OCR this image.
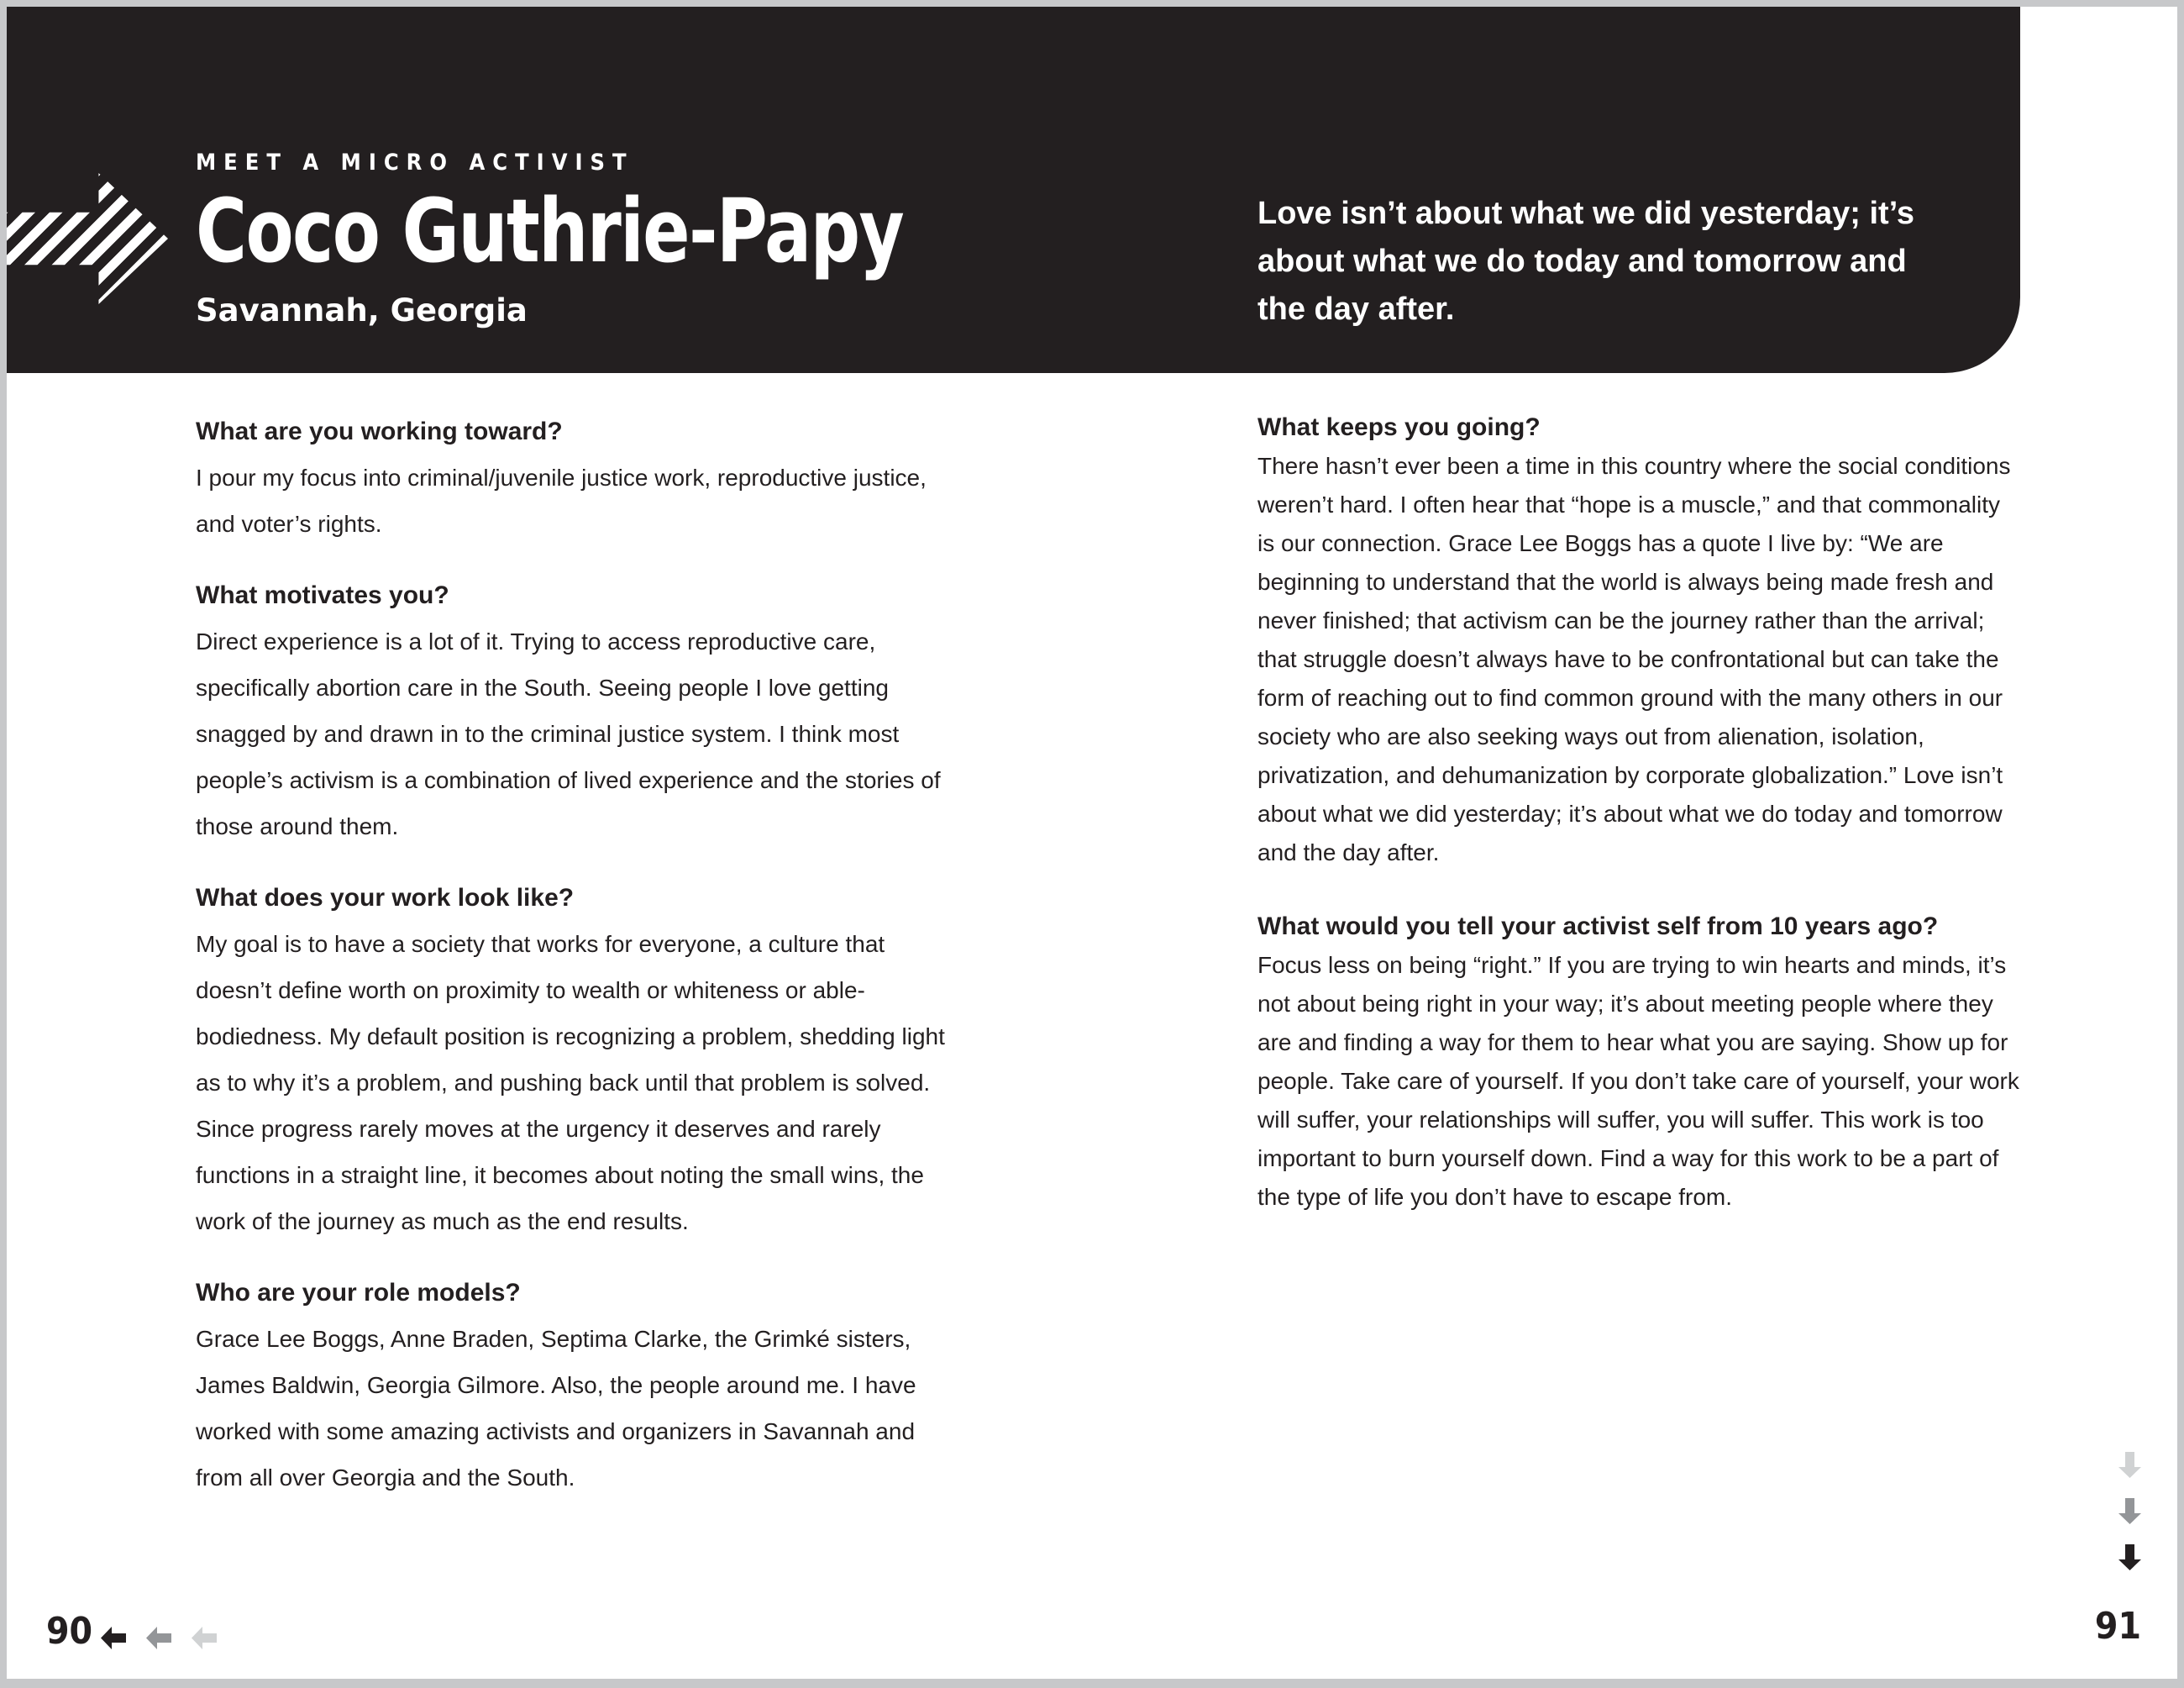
MEET A MICRO ACTIVIST
Coco Guthrie-Papy
Savannah, Georgia
Love isn’t about what we did yesterday; it’s about what we do today and tomorrow and the day after.
What are you working toward?

I pour my focus into criminal/juvenile justice work, reproductive justice, and voter’s rights.

What motivates you?

Direct experience is a lot of it. Trying to access reproductive care, specifically abortion care in the South. Seeing people I love getting snagged by and drawn in to the criminal justice system. I think most people’s activism is a combination of lived experience and the stories of those around them.

What does your work look like?

My goal is to have a society that works for everyone, a culture that doesn’t define worth on proximity to wealth or whiteness or able-bodiedness. My default position is recognizing a problem, shedding light as to why it’s a problem, and pushing back until that problem is solved. Since progress rarely moves at the urgency it deserves and rarely functions in a straight line, it becomes about noting the small wins, the work of the journey as much as the end results.

Who are your role models?

Grace Lee Boggs, Anne Braden, Septima Clarke, the Grimké sisters, James Baldwin, Georgia Gilmore. Also, the people around me. I have worked with some amazing activists and organizers in Savannah and from all over Georgia and the South.

What keeps you going?

There hasn’t ever been a time in this country where the social conditions weren’t hard. I often hear that “hope is a muscle,” and that commonality is our connection. Grace Lee Boggs has a quote I live by: “We are beginning to understand that the world is always being made fresh and never finished; that activism can be the journey rather than the arrival; that struggle doesn’t always have to be confrontational but can take the form of reaching out to find common ground with the many others in our society who are also seeking ways out from alienation, isolation, privatization, and dehumanization by corporate globalization.” Love isn’t about what we did yesterday; it’s about what we do today and tomorrow and the day after.

What would you tell your activist self from 10 years ago?

Focus less on being “right.” If you are trying to win hearts and minds, it’s not about being right in your way; it’s about meeting people where they are and finding a way for them to hear what you are saying. Show up for people. Take care of yourself. If you don’t take care of yourself, your work will suffer, your relationships will suffer, you will suffer. This work is too important to burn yourself down. Find a way for this work to be a part of the type of life you don’t have to escape from.

90	91
